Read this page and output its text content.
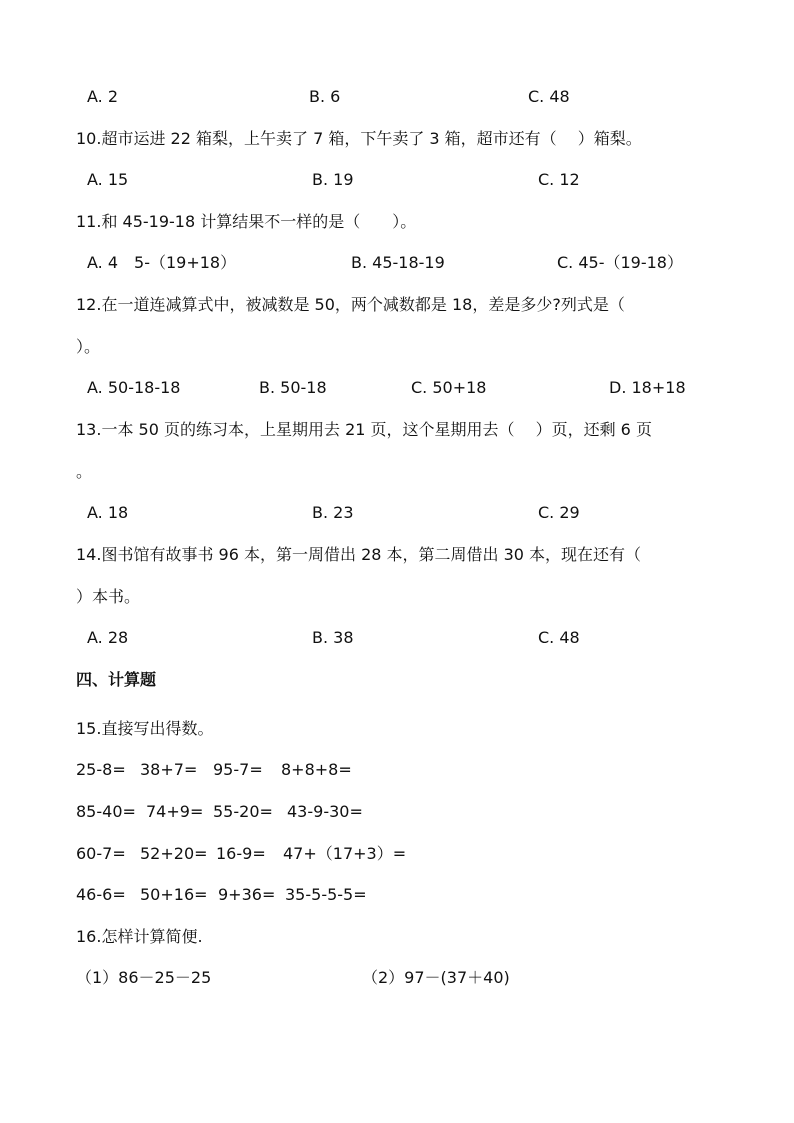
A. 2	B. 6	C. 48
10.超市运进 22 箱梨，上午卖了 7 箱，下午卖了 3 箱，超市还有（　 ）箱梨。
A. 15	B. 19	C. 12
11.和 45-19-18 计算结果不一样的是（　　）。
A. 4　5-（19+18）	B. 45-18-19	C. 45-（19-18）
12.在一道连减算式中，被减数是 50，两个减数都是 18，差是多少?列式是（
）。
A. 50-18-18	B. 50-18	C. 50+18	D. 18+18
13.一本 50 页的练习本，上星期用去 21 页，这个星期用去（　 ）页，还剩 6 页
。
A. 18	B. 23	C. 29
14.图书馆有故事书 96 本，第一周借出 28 本，第二周借出 30 本，现在还有（
）本书。
A. 28	B. 38	C. 48
四、计算题
15.直接写出得数。
25-8= 38+7= 95-7= 8+8+8=
85-40= 74+9= 55-20= 43-9-30=
60-7= 52+20= 16-9= 47+（17+3）=
46-6= 50+16= 9+36= 35-5-5-5=
16.怎样计算简便.
（1）86－25－25	（2）97－(37＋40)
